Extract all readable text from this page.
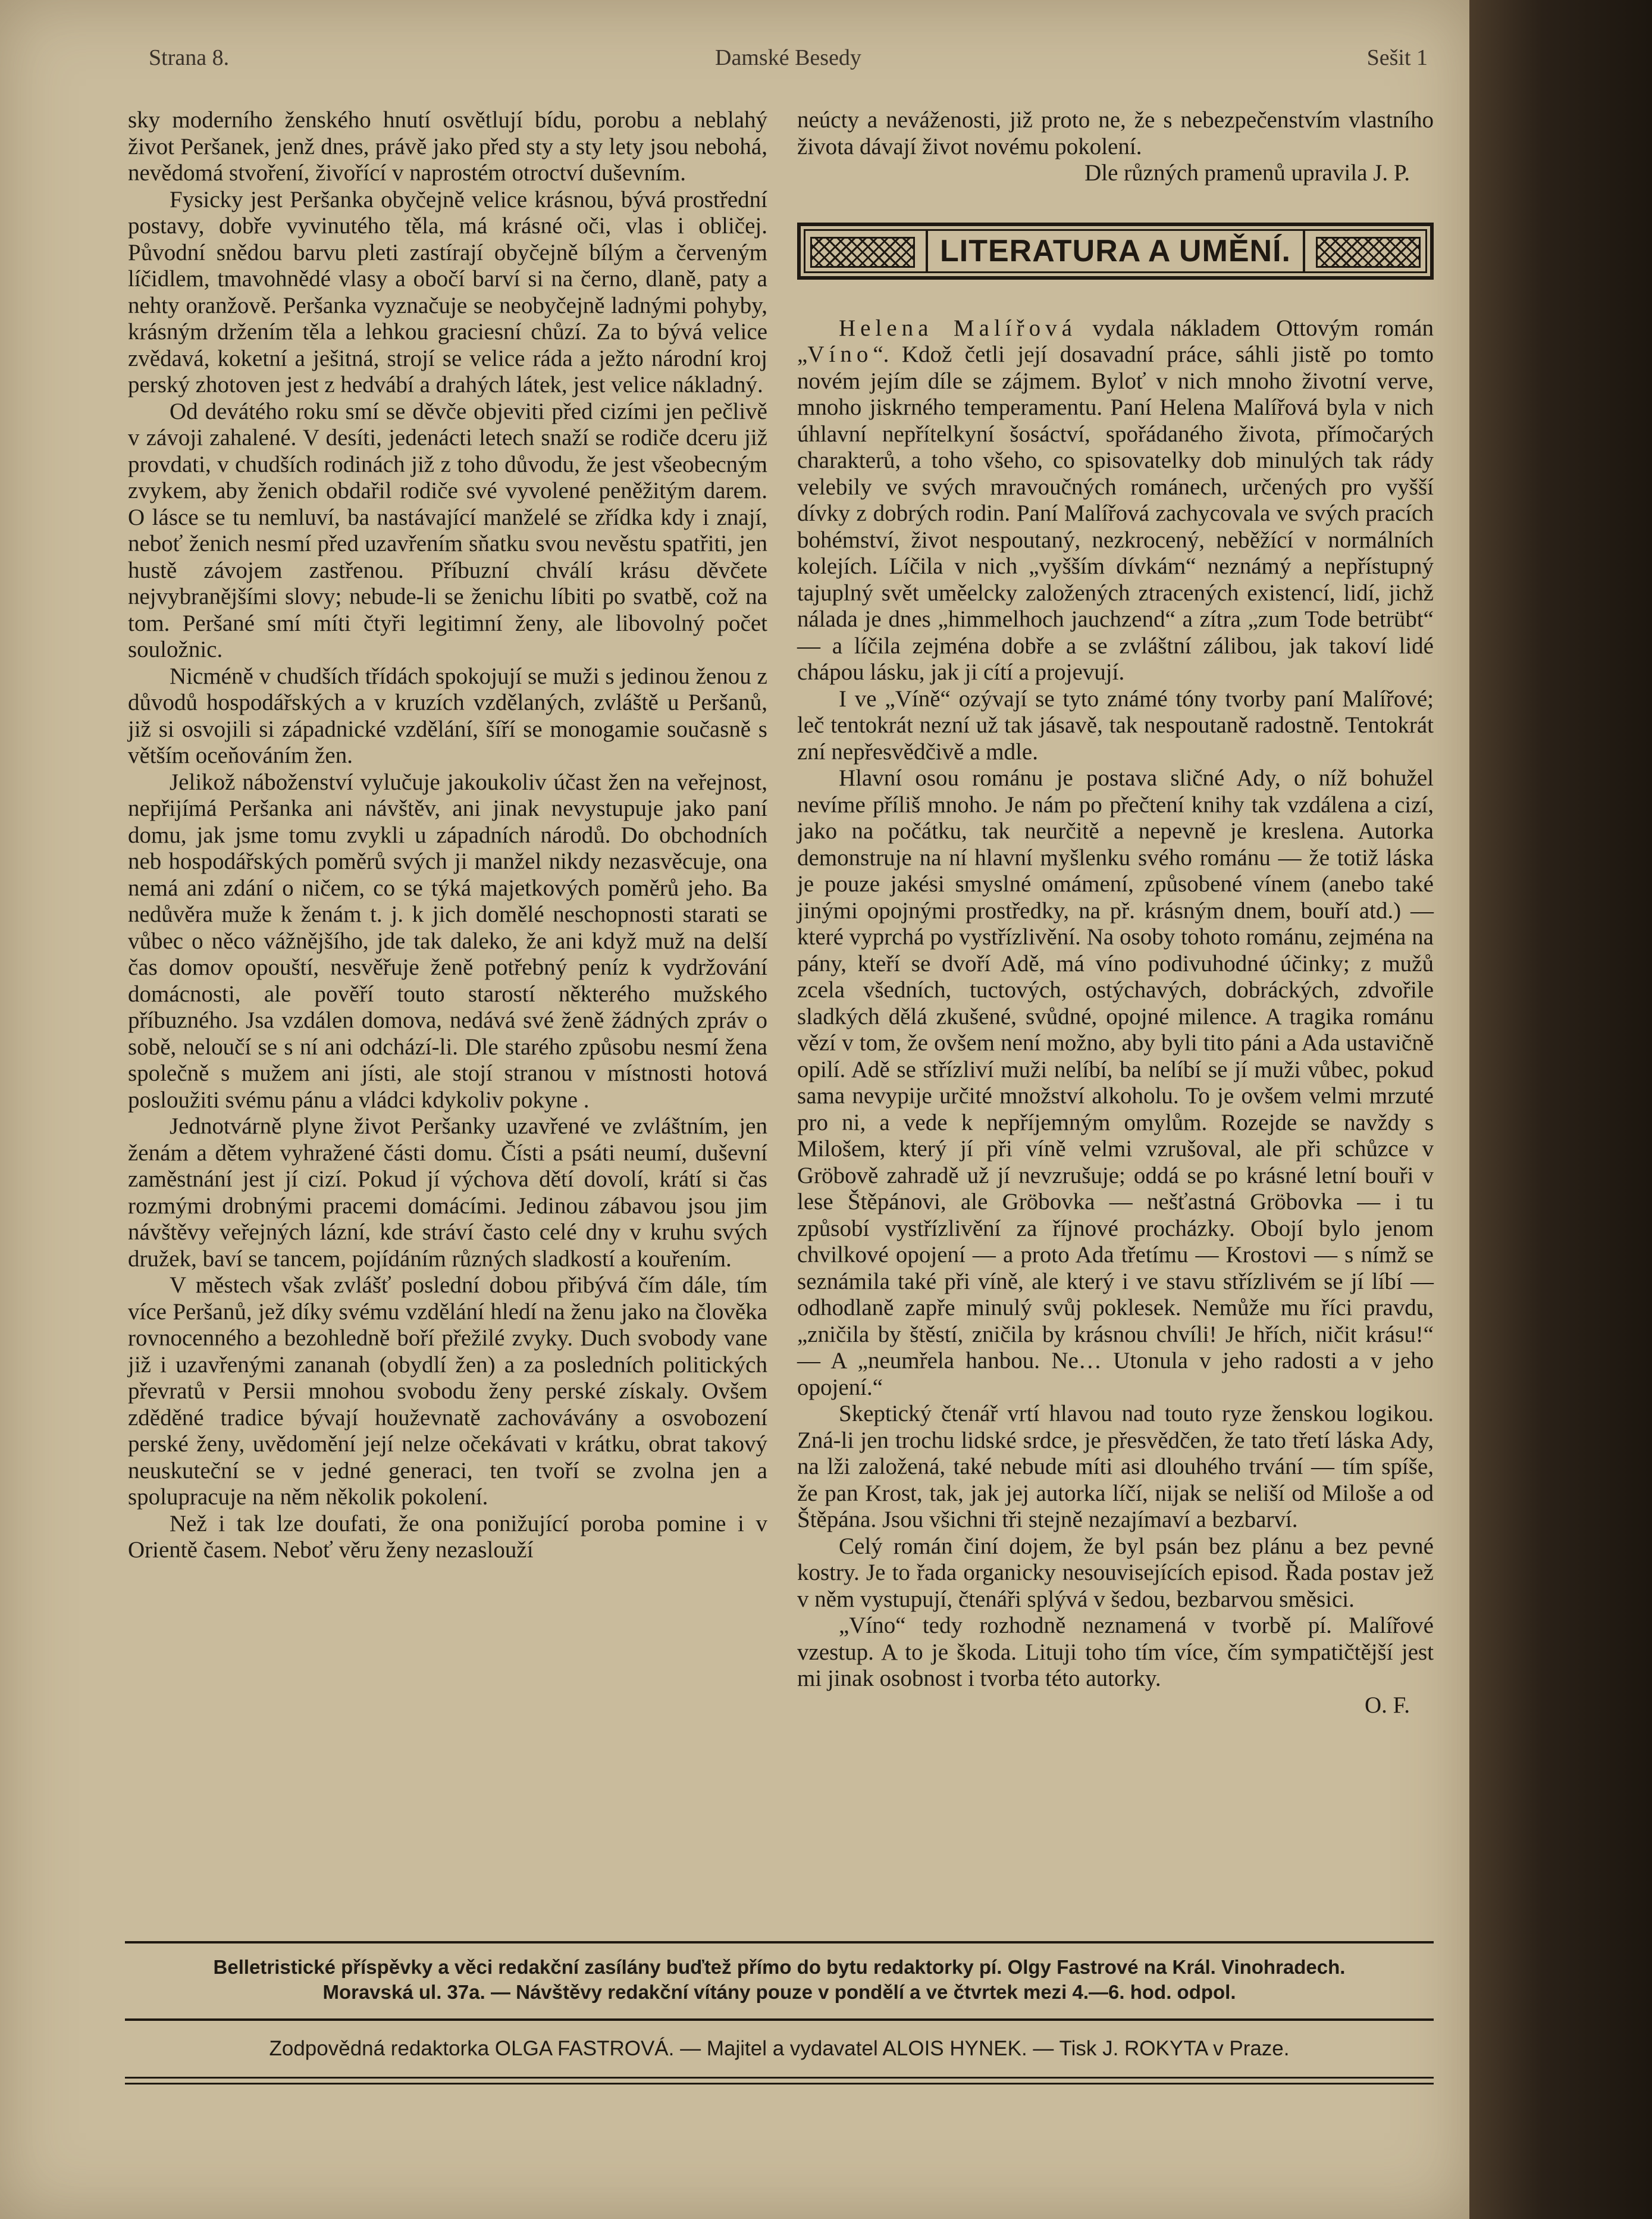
Strana 8.	Damské Besedy	Sešit 1

sky moderního ženského hnutí osvětlují bídu, porobu a neblahý život Peršanek, jenž dnes, právě jako před sty a sty lety jsou nebohá, nevědomá stvoření, živořící v naprostém otroctví duševním.

Fysicky jest Peršanka obyčejně velice krásnou, bývá prostřední postavy, dobře vyvinutého těla, má krásné oči, vlas i obličej. Původní snědou barvu pleti zastírají obyčejně bílým a červeným líčidlem, tmavohnědé vlasy a obočí barví si na černo, dlaně, paty a nehty oranžově. Peršanka vyznačuje se neobyčejně ladnými pohyby, krásným držením těla a lehkou graciesní chůzí. Za to bývá velice zvědavá, koketní a ješitná, strojí se velice ráda a ježto národní kroj perský zhotoven jest z hedvábí a drahých látek, jest velice nákladný.

Od devátého roku smí se děvče objeviti před cizími jen pečlivě v závoji zahalené. V desíti, jedenácti letech snaží se rodiče dceru již provdati, v chudších rodinách již z toho důvodu, že jest všeobecným zvykem, aby ženich obdařil rodiče své vyvolené peněžitým darem. O lásce se tu nemluví, ba nastávající manželé se zřídka kdy i znají, neboť ženich nesmí před uzavřením sňatku svou nevěstu spatřiti, jen hustě závojem zastřenou. Příbuzní chválí krásu děvčete nejvybranějšími slovy; nebude-li se ženichu líbiti po svatbě, což na tom. Peršané smí míti čtyři legitimní ženy, ale libovolný počet souložnic.

Nicméně v chudších třídách spokojují se muži s jedinou ženou z důvodů hospodářských a v kruzích vzdělaných, zvláště u Peršanů, již si osvojili si západnické vzdělání, šíří se monogamie současně s větším oceňováním žen.

Jelikož náboženství vylučuje jakoukoliv účast žen na veřejnost, nepřijímá Peršanka ani návštěv, ani jinak nevystupuje jako paní domu, jak jsme tomu zvykli u západních národů. Do obchodních neb hospodářských poměrů svých ji manžel nikdy nezasvěcuje, ona nemá ani zdání o ničem, co se týká majetkových poměrů jeho. Ba nedůvěra muže k ženám t. j. k jich domělé neschopnosti starati se vůbec o něco vážnějšího, jde tak daleko, že ani když muž na delší čas domov opouští, nesvěřuje ženě potřebný peníz k vydržování domácnosti, ale pověří touto starostí některého mužského příbuzného. Jsa vzdálen domova, nedává své ženě žádných zpráv o sobě, neloučí se s ní ani odchází-li. Dle starého způsobu nesmí žena společně s mužem ani jísti, ale stojí stranou v místnosti hotová posloužiti svému pánu a vládci kdykoliv pokyne .

Jednotvárně plyne život Peršanky uzavřené ve zvláštním, jen ženám a dětem vyhražené části domu. Čísti a psáti neumí, duševní zaměstnání jest jí cizí. Pokud jí výchova dětí dovolí, krátí si čas rozmými drobnými pracemi domácími. Jedinou zábavou jsou jim návštěvy veřejných lázní, kde stráví často celé dny v kruhu svých družek, baví se tancem, pojídáním různých sladkostí a kouřením.

V městech však zvlášť poslední dobou přibývá čím dále, tím více Peršanů, jež díky svému vzdělání hledí na ženu jako na člověka rovnocenného a bezohledně boří přežilé zvyky. Duch svobody vane již i uzavřenými zananah (obydlí žen) a za posledních politických převratů v Persii mnohou svobodu ženy perské získaly. Ovšem zděděné tradice bývají houževnatě zachovávány a osvobození perské ženy, uvědomění její nelze očekávati v krátku, obrat takový neuskuteční se v jedné generaci, ten tvoří se zvolna jen a spolupracuje na něm několik pokolení.

Než i tak lze doufati, že ona ponižující poroba pomine i v Orientě časem. Neboť věru ženy nezaslouží

neúcty a neváženosti, již proto ne, že s nebezpečenstvím vlastního života dávají život novému pokolení.

Dle různých pramenů upravila J. P.

LITERATURA A UMĚNÍ.

Helena Malířová vydala nákladem Ottovým román „Víno“. Kdož četli její dosavadní práce, sáhli jistě po tomto novém jejím díle se zájmem. Byloť v nich mnoho životní verve, mnoho jiskrného temperamentu. Paní Helena Malířová byla v nich úhlavní nepřítelkyní šosáctví, spořádaného života, přímočarých charakterů, a toho všeho, co spisovatelky dob minulých tak rády velebily ve svých mravoučných románech, určených pro vyšší dívky z dobrých rodin. Paní Malířová zachycovala ve svých pracích bohémství, život nespoutaný, nezkrocený, neběžící v normálních kolejích. Líčila v nich „vyšším dívkám“ neznámý a nepřístupný tajuplný svět uměelcky založených ztracených existencí, lidí, jichž nálada je dnes „himmelhoch jauchzend“ a zítra „zum Tode betrübt“ — a líčila zejména dobře a se zvláštní zálibou, jak takoví lidé chápou lásku, jak ji cítí a projevují.

I ve „Víně“ ozývají se tyto známé tóny tvorby paní Malířové; leč tentokrát nezní už tak jásavě, tak nespoutaně radostně. Tentokrát zní nepřesvědčivě a mdle.

Hlavní osou románu je postava sličné Ady, o níž bohužel nevíme příliš mnoho. Je nám po přečtení knihy tak vzdálena a cizí, jako na počátku, tak neurčitě a nepevně je kreslena. Autorka demonstruje na ní hlavní myšlenku svého románu — že totiž láska je pouze jakési smyslné omámení, způsobené vínem (anebo také jinými opojnými prostředky, na př. krásným dnem, bouří atd.) — které vyprchá po vystřízlivění. Na osoby tohoto románu, zejména na pány, kteří se dvoří Adě, má víno podivuhodné účinky; z mužů zcela všedních, tuctových, ostýchavých, dobráckých, zdvořile sladkých dělá zkušené, svůdné, opojné milence. A tragika románu vězí v tom, že ovšem není možno, aby byli tito páni a Ada ustavičně opilí. Adě se střízliví muži nelíbí, ba nelíbí se jí muži vůbec, pokud sama nevypije určité množství alkoholu. To je ovšem velmi mrzuté pro ni, a vede k nepříjemným omylům. Rozejde se navždy s Milošem, který jí při víně velmi vzrušoval, ale při schůzce v Gröbově zahradě už jí nevzrušuje; oddá se po krásné letní bouři v lese Štěpánovi, ale Gröbovka — nešťastná Gröbovka — i tu způsobí vystřízlivění za říjnové procházky. Obojí bylo jenom chvilkové opojení — a proto Ada třetímu — Krostovi — s nímž se seznámila také při víně, ale který i ve stavu střízlivém se jí líbí — odhodlaně zapře minulý svůj poklesek. Nemůže mu říci pravdu, „zničila by štěstí, zničila by krásnou chvíli! Je hřích, ničit krásu!“ — A „neumřela hanbou. Ne… Utonula v jeho radosti a v jeho opojení.“

Skeptický čtenář vrtí hlavou nad touto ryze ženskou logikou. Zná-li jen trochu lidské srdce, je přesvědčen, že tato třetí láska Ady, na lži založená, také nebude míti asi dlouhého trvání — tím spíše, že pan Krost, tak, jak jej autorka líčí, nijak se neliší od Miloše a od Štěpána. Jsou všichni tři stejně nezajímaví a bezbarví.

Celý román činí dojem, že byl psán bez plánu a bez pevné kostry. Je to řada organicky nesouvisejících episod. Řada postav jež v něm vystupují, čtenáři splývá v šedou, bezbarvou směsici.

„Víno“ tedy rozhodně neznamená v tvorbě pí. Malířové vzestup. A to je škoda. Lituji toho tím více, čím sympatičtější jest mi jinak osobnost i tvorba této autorky.

O. F.

Belletristické příspěvky a věci redakční zasílány buďtež přímo do bytu redaktorky pí. Olgy Fastrové na Král. Vinohradech.
Moravská ul. 37a. — Návštěvy redakční vítány pouze v pondělí a ve čtvrtek mezi 4.—6. hod. odpol.
Zodpovědná redaktorka OLGA FASTROVÁ. — Majitel a vydavatel ALOIS HYNEK. — Tisk J. ROKYTA v Praze.
